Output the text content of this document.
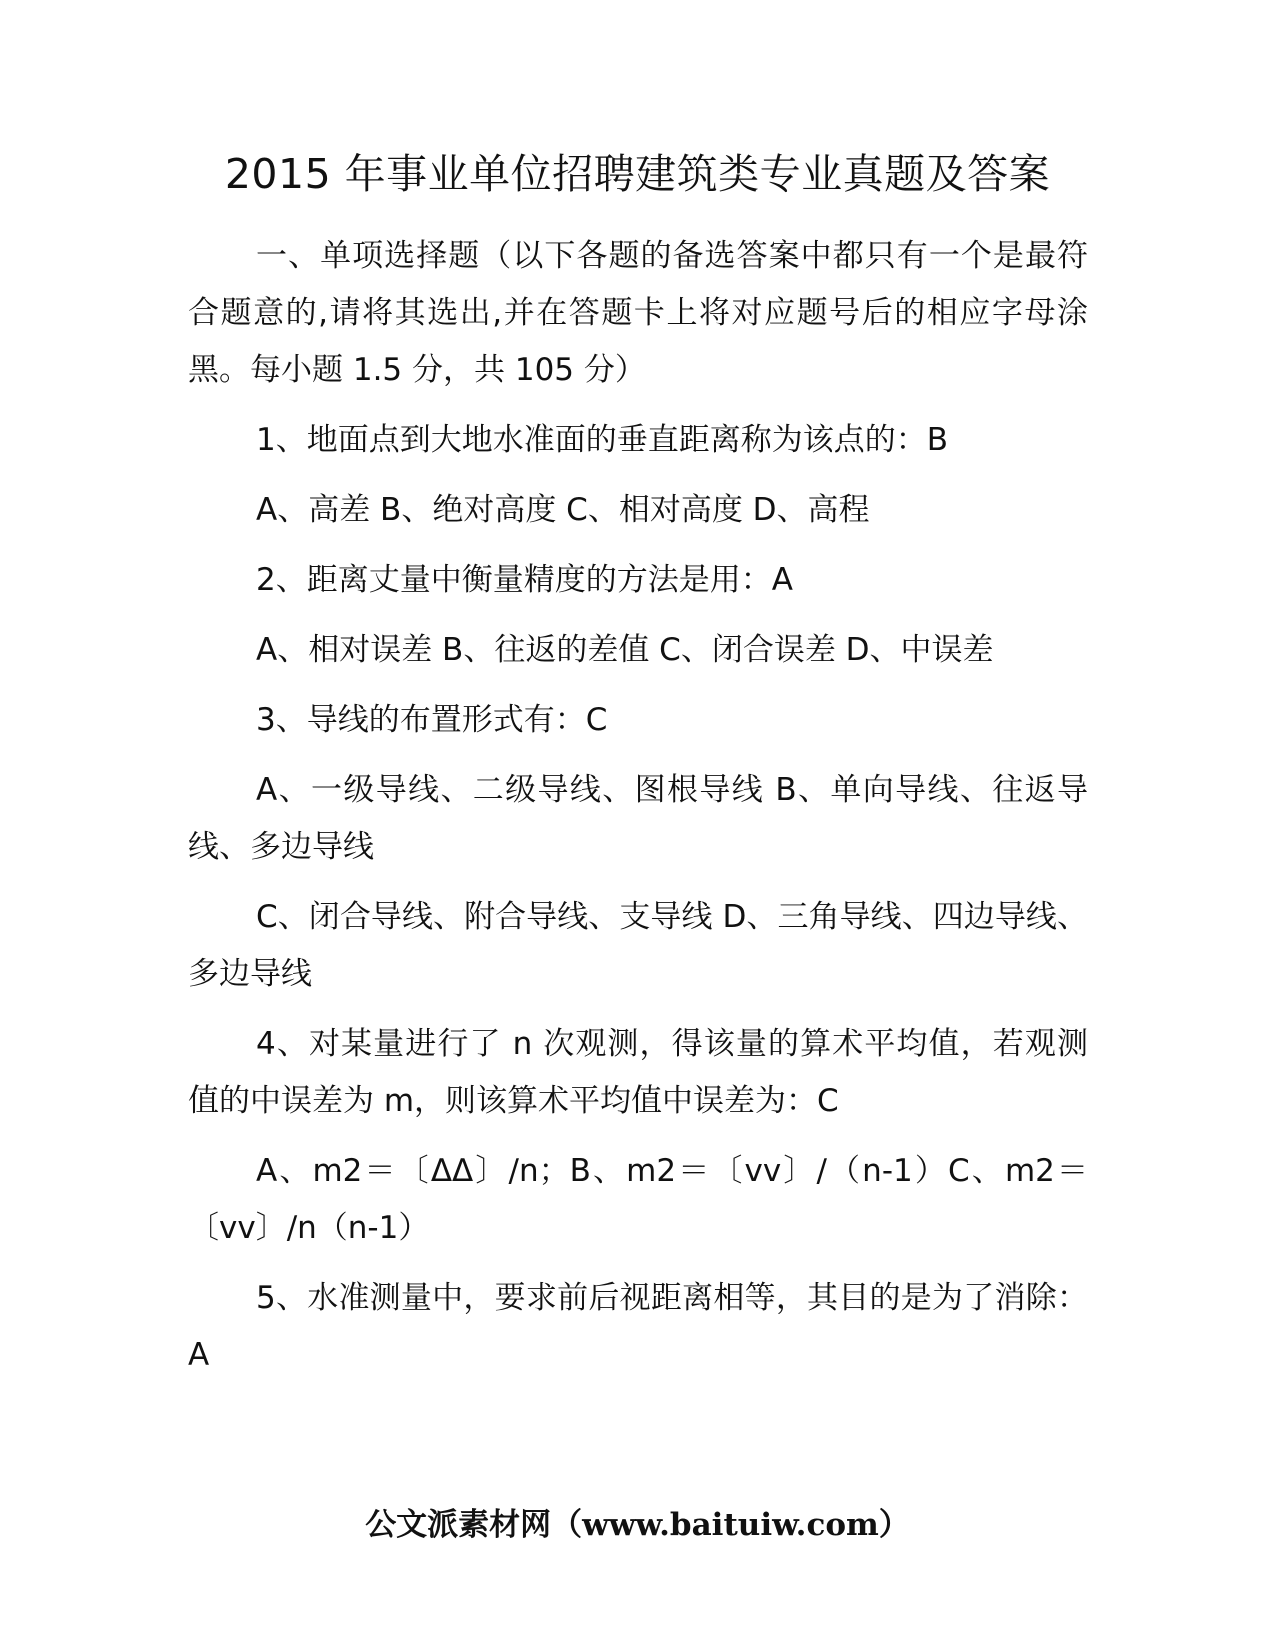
2015 年事业单位招聘建筑类专业真题及答案

一、单项选择题（以下各题的备选答案中都只有一个是最符合题意的,请将其选出,并在答题卡上将对应题号后的相应字母涂黑。每小题 1.5 分，共 105 分）

1、地面点到大地水准面的垂直距离称为该点的：B

A、高差 B、绝对高度 C、相对高度 D、高程

2、距离丈量中衡量精度的方法是用：A

A、相对误差 B、往返的差值 C、闭合误差 D、中误差

3、导线的布置形式有：C

A、一级导线、二级导线、图根导线 B、单向导线、往返导线、多边导线

C、闭合导线、附合导线、支导线 D、三角导线、四边导线、多边导线

4、对某量进行了 n 次观测，得该量的算术平均值，若观测值的中误差为 m，则该算术平均值中误差为：C

A、m2＝〔ΔΔ〕/n；B、m2＝〔vv〕/（n-1）C、m2＝〔vv〕/n（n-1）

5、水准测量中，要求前后视距离相等，其目的是为了消除：A

公文派素材网（www.baituiw.com）
